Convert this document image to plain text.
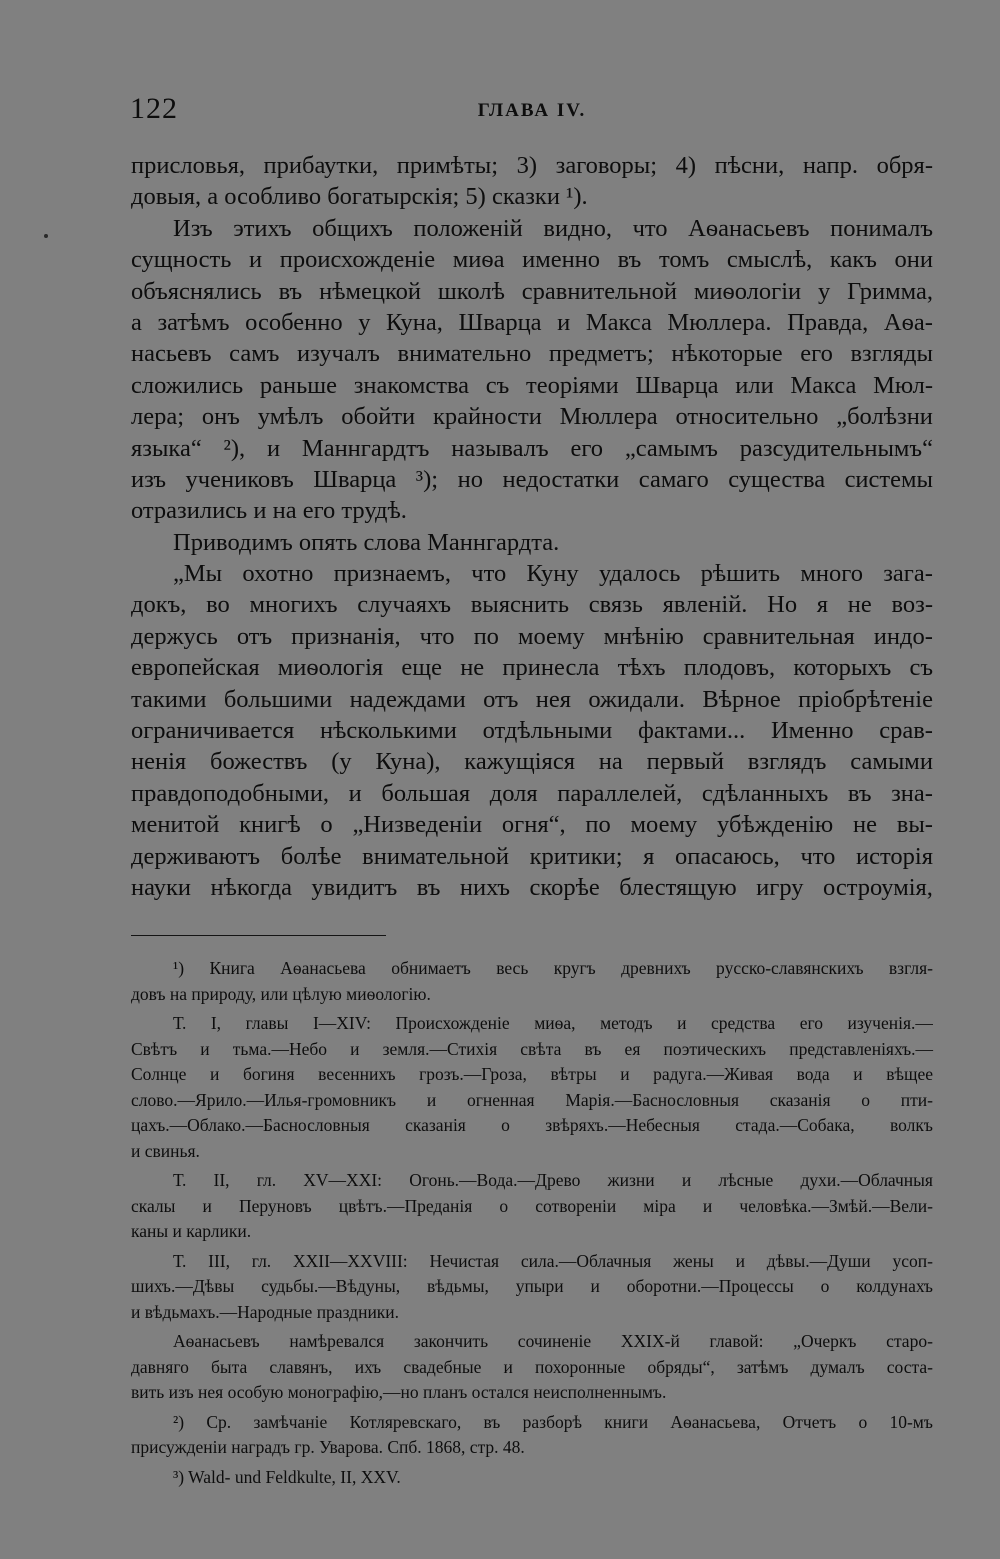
122	ГЛАВА IV.
присловья, прибаутки, примѣты; 3) заговоры; 4) пѣсни, напр. обря-
довыя, а особливо богатырскія; 5) сказки ¹).
Изъ этихъ общихъ положеній видно, что Аѳанасьевъ понималъ
сущность и происхожденіе миѳа именно въ томъ смыслѣ, какъ они
объяснялись въ нѣмецкой школѣ сравнительной миѳологіи у Гримма,
а затѣмъ особенно у Куна, Шварца и Макса Мюллера. Правда, Аѳа-
насьевъ самъ изучалъ внимательно предметъ; нѣкоторые его взгляды
сложились раньше знакомства съ теоріями Шварца или Макса Мюл-
лера; онъ умѣлъ обойти крайности Мюллера относительно „болѣзни
языка“ ²), и Маннгардтъ называлъ его „самымъ разсудительнымъ“
изъ учениковъ Шварца ³); но недостатки самаго существа системы
отразились и на его трудѣ.
Приводимъ опять слова Маннгардта.
„Мы охотно признаемъ, что Куну удалось рѣшить много зага-
докъ, во многихъ случаяхъ выяснить связь явленій. Но я не воз-
держусь отъ признанія, что по моему мнѣнію сравнительная индо-
европейская миѳологія еще не принесла тѣхъ плодовъ, которыхъ съ
такими большими надеждами отъ нея ожидали. Вѣрное пріобрѣтеніе
ограничивается нѣсколькими отдѣльными фактами... Именно срав-
ненія божествъ (у Куна), кажущіяся на первый взглядъ самыми
правдоподобными, и большая доля параллелей, сдѣланныхъ въ зна-
менитой книгѣ о „Низведеніи огня“, по моему убѣжденію не вы-
держиваютъ болѣе внимательной критики; я опасаюсь, что исторія
науки нѣкогда увидитъ въ нихъ скорѣе блестящую игру остроумія,
¹) Книга Аѳанасьева обнимаетъ весь кругъ древнихъ русско-славянскихъ взгля-
довъ на природу, или цѣлую миѳологію.
Т. I, главы I—XIV: Происхожденіе миѳа, методъ и средства его изученія.—
Свѣтъ и тьма.—Небо и земля.—Стихія свѣта въ ея поэтическихъ представленіяхъ.—
Солнце и богиня весеннихъ грозъ.—Гроза, вѣтры и радуга.—Живая вода и вѣщее
слово.—Ярило.—Илья-громовникъ и огненная Марія.—Баснословныя сказанія о пти-
цахъ.—Облако.—Баснословныя сказанія о звѣряхъ.—Небесныя стада.—Собака, волкъ
и свинья.
Т. II, гл. XV—XXI: Огонь.—Вода.—Древо жизни и лѣсные духи.—Облачныя
скалы и Перуновъ цвѣтъ.—Преданія о сотвореніи міра и человѣка.—Змѣй.—Вели-
каны и карлики.
Т. III, гл. XXII—XXVIII: Нечистая сила.—Облачныя жены и дѣвы.—Души усоп-
шихъ.—Дѣвы судьбы.—Вѣдуны, вѣдьмы, упыри и оборотни.—Процессы о колдунахъ
и вѣдьмахъ.—Народные праздники.
Аѳанасьевъ намѣревался закончить сочиненіе XXIX-й главой: „Очеркъ старо-
давняго быта славянъ, ихъ свадебные и похоронные обряды“, затѣмъ думалъ соста-
вить изъ нея особую монографію,—но планъ остался неисполненнымъ.
²) Ср. замѣчаніе Котляревскаго, въ разборѣ книги Аѳанасьева, Отчетъ о 10-мъ
присужденіи наградъ гр. Уварова. Спб. 1868, стр. 48.
³) Wald- und Feldkulte, II, XXV.
